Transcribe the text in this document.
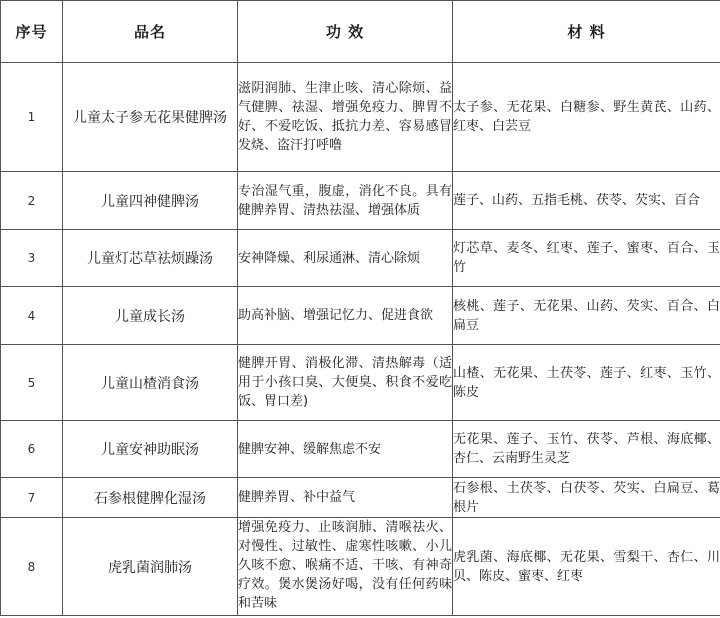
序号	品名	功 效	材 料
1	儿童太子参无花果健脾汤	滋阴润肺、生津止咳、清心除烦、益气健脾、祛湿、增强免疫力、脾胃不好、不爱吃饭、抵抗力差、容易感冒发烧、盗汗打呼噜	太子参、无花果、白糖参、野生黄芪、山药、红枣、白芸豆

2	儿童四神健脾汤	专治湿气重，腹虚，消化不良。具有健脾养胃、清热祛湿、增强体质	莲子、山药、五指毛桃、茯苓、芡实、百合

3	儿童灯芯草祛烦躁汤	安神降燥、利尿通淋、清心除烦	灯芯草、麦冬、红枣、莲子、蜜枣、百合、玉竹

4	儿童成长汤	助高补脑、增强记忆力、促进食欲	核桃、莲子、无花果、山药、芡实、百合、白扁豆

5	儿童山楂消食汤	健脾开胃、消极化滞、清热解毒（适用于小孩口臭、大便臭、积食不爱吃饭、胃口差)	山楂、无花果、土茯苓、莲子、红枣、玉竹、陈皮

6	儿童安神助眠汤	健脾安神、缓解焦虑不安	无花果、莲子、玉竹、茯苓、芦根、海底椰、杏仁、云南野生灵芝

7	石参根健脾化湿汤	健脾养胃、补中益气	石参根、土茯苓、白茯苓、芡实、白扁豆、葛根片

8	虎乳菌润肺汤	增强免疫力、止咳润肺、清喉祛火、对慢性、过敏性、虚寒性咳嗽、小儿久咳不愈、喉痛不适、干咳、有神奇疗效。煲水煲汤好喝，没有任何药味和苦味	虎乳菌、海底椰、无花果、雪梨干、杏仁、川贝、陈皮、蜜枣、红枣
